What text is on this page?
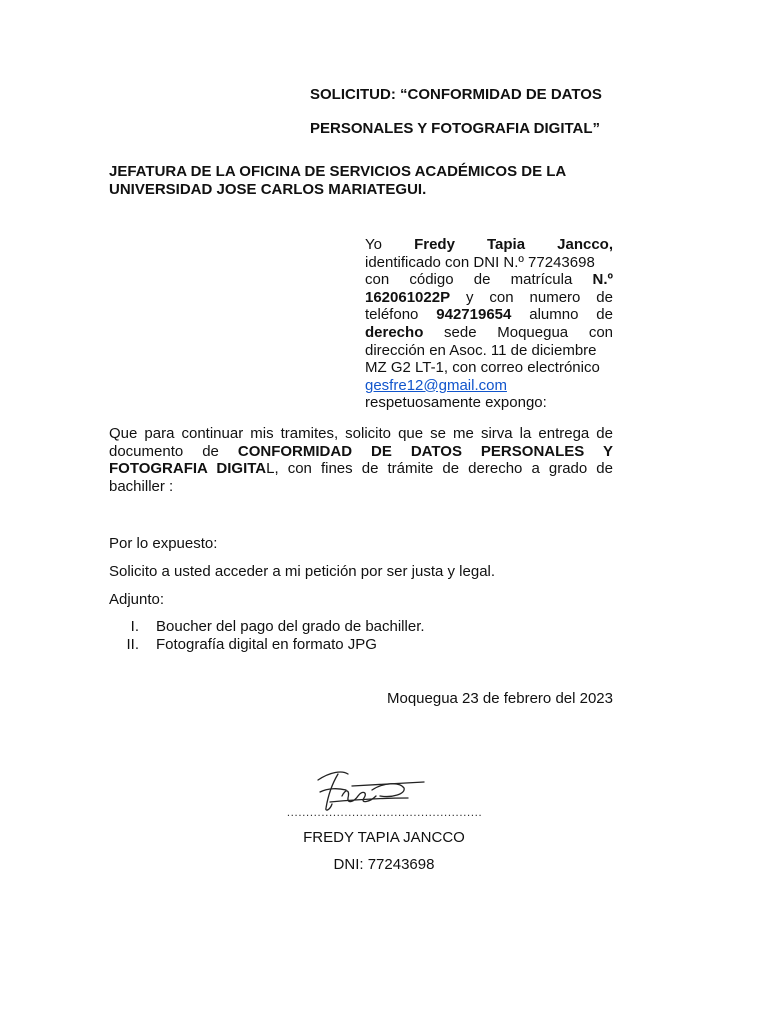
SOLICITUD: “CONFORMIDAD DE DATOS
PERSONALES Y FOTOGRAFIA DIGITAL”
JEFATURA DE LA OFICINA DE SERVICIOS ACADÉMICOS DE LA
UNIVERSIDAD JOSE CARLOS MARIATEGUI.
Yo Fredy Tapia Jancco,
identificado con DNI N.º 77243698
con código de matrícula N.º
162061022P y con numero de
teléfono 942719654 alumno de
derecho sede Moquegua con
dirección en Asoc. 11 de diciembre
MZ G2 LT-1, con correo electrónico
gesfre12@gmail.com
respetuosamente expongo:
Que para continuar mis tramites, solicito que se me sirva la entrega de
documento de CONFORMIDAD DE DATOS PERSONALES Y
FOTOGRAFIA DIGITAL, con fines de trámite de derecho a grado de
bachiller :
Por lo expuesto:
Solicito a usted acceder a mi petición por ser justa y legal.
Adjunto:
I. Boucher del pago del grado de bachiller.
II. Fotografía digital en formato JPG
Moquegua 23 de febrero del 2023
……………………………………………
FREDY TAPIA JANCCO
DNI: 77243698
